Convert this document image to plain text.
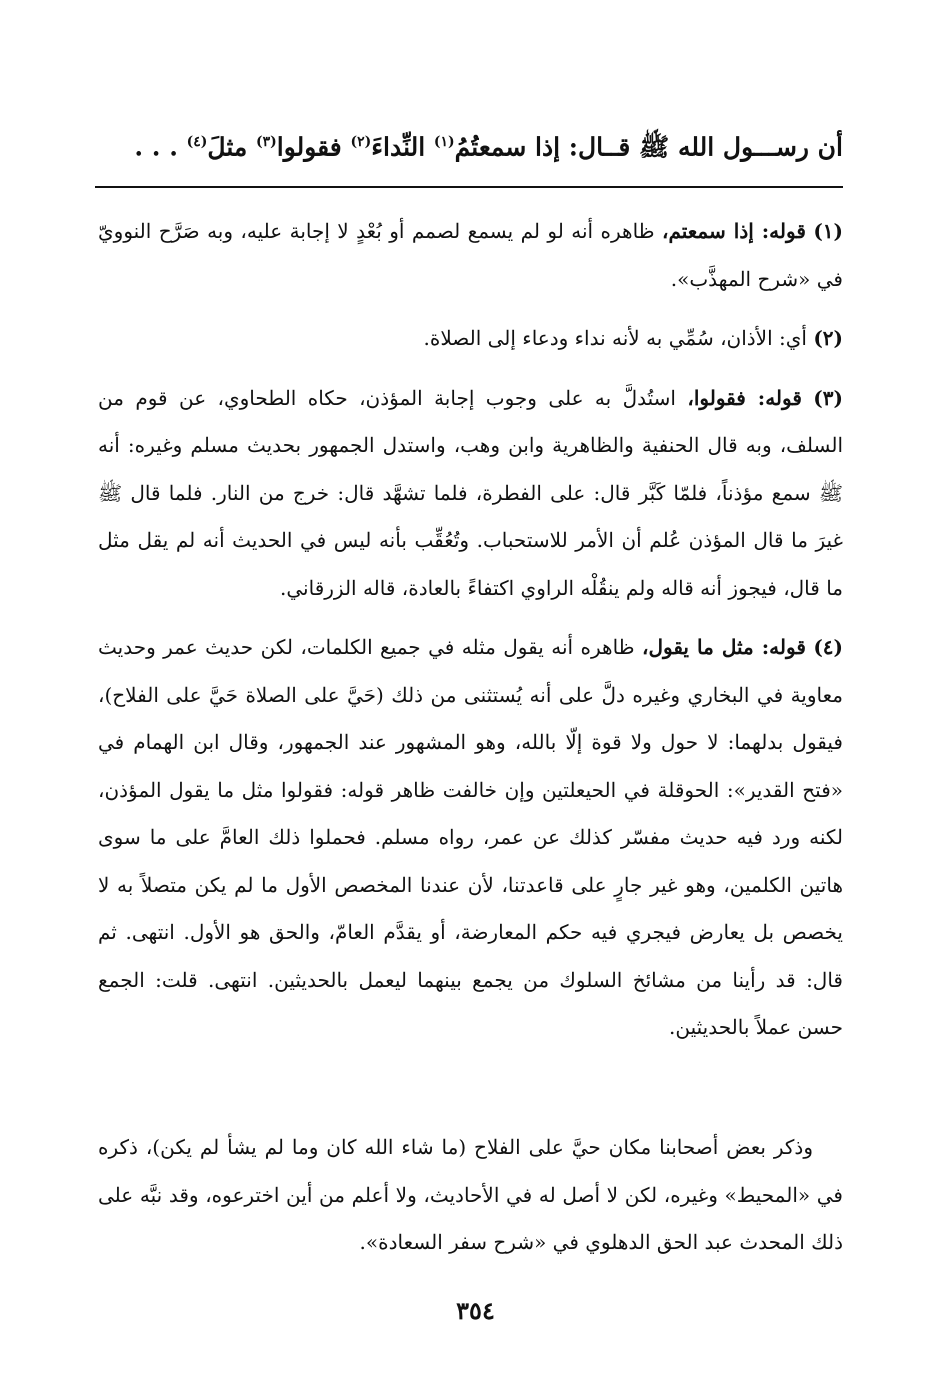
أن رســـول الله ﷺ قــال: إذا سمعتُمُ$^{(١)}$ النِّداءَ$^{(٢)}$ فقولوا$^{(٣)}$ مثلَ$^{(٤)}$ . . .

(١) قوله: إذا سمعتم، ظاهره أنه لو لم يسمع لصمم أو بُعْدٍ لا إجابة عليه، وبه صَرَّح النوويّ في «شرح المهذَّب».

(٢) أي: الأذان، سُمِّي به لأنه نداء ودعاء إلى الصلاة.

(٣) قوله: فقولوا، استُدلَّ به على وجوب إجابة المؤذن، حكاه الطحاوي، عن قوم من السلف، وبه قال الحنفية والظاهرية وابن وهب، واستدل الجمهور بحديث مسلم وغيره: أنه ﷺ سمع مؤذناً، فلمّا كَبَّر قال: على الفطرة، فلما تشهَّد قال: خرج من النار. فلما قال ﷺ غيرَ ما قال المؤذن عُلم أن الأمر للاستحباب. وتُعُقِّب بأنه ليس في الحديث أنه لم يقل مثل ما قال، فيجوز أنه قاله ولم ينقُلْه الراوي اكتفاءً بالعادة، قاله الزرقاني.

(٤) قوله: مثل ما يقول، ظاهره أنه يقول مثله في جميع الكلمات، لكن حديث عمر وحديث معاوية في البخاري وغيره دلَّ على أنه يُستثنى من ذلك (حَيَّ على الصلاة حَيَّ على الفلاح)، فيقول بدلهما: لا حول ولا قوة إلّا بالله، وهو المشهور عند الجمهور، وقال ابن الهمام في «فتح القدير»: الحوقلة في الحيعلتين وإن خالفت ظاهر قوله: فقولوا مثل ما يقول المؤذن، لكنه ورد فيه حديث مفسّر كذلك عن عمر، رواه مسلم. فحملوا ذلك العامَّ على ما سوى هاتين الكلمين، وهو غير جارٍ على قاعدتنا، لأن عندنا المخصص الأول ما لم يكن متصلاً به لا يخصص بل يعارض فيجري فيه حكم المعارضة، أو يقدَّم العامّ، والحق هو الأول. انتهى. ثم قال: قد رأينا من مشائخ السلوك من يجمع بينهما ليعمل بالحديثين. انتهى. قلت: الجمع حسن عملاً بالحديثين.

وذكر بعض أصحابنا مكان حيَّ على الفلاح (ما شاء الله كان وما لم يشأ لم يكن)، ذكره في «المحيط» وغيره، لكن لا أصل له في الأحاديث، ولا أعلم من أين اخترعوه، وقد نبَّه على ذلك المحدث عبد الحق الدهلوي في «شرح سفر السعادة».

٣٥٤
